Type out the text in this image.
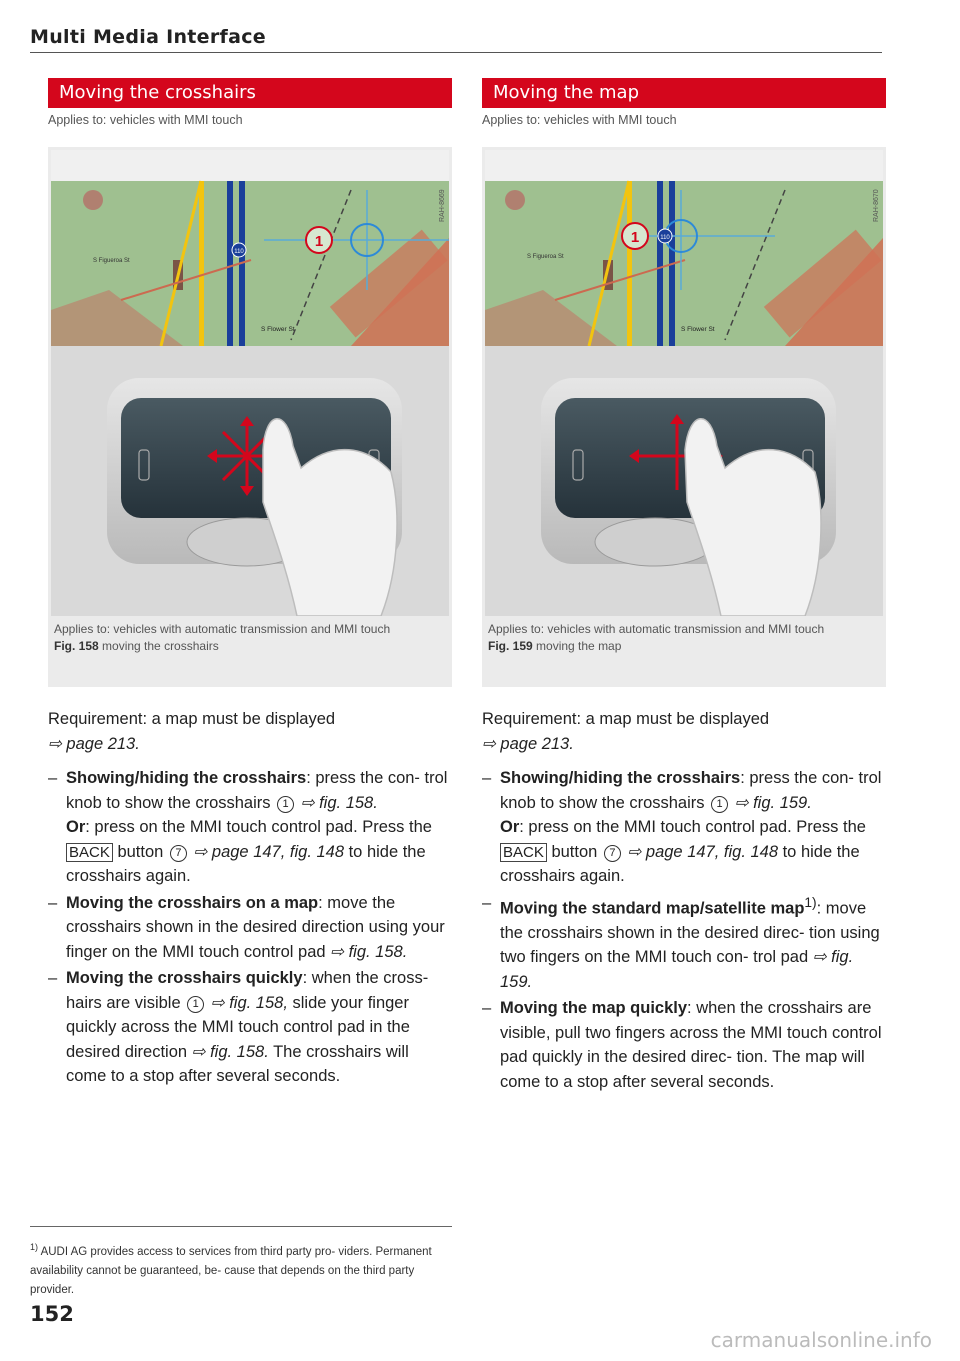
Multi Media Interface
Moving the crosshairs
Applies to: vehicles with MMI touch
110
1
S Figueroa St
S Flower St
RAH-8669
Applies to: vehicles with automatic transmission and MMI touch
Fig. 158 moving the crosshairs

Requirement: a map must be displayed
⇨ page 213.

– Showing/hiding the crosshairs: press the con- trol knob to show the crosshairs 1 ⇨ fig. 158.
Or: press on the MMI touch control pad. Press the BACK button 7 ⇨ page 147, fig. 148 to hide the crosshairs again.
– Moving the crosshairs on a map: move the crosshairs shown in the desired direction using your finger on the MMI touch control pad ⇨ fig. 158.
– Moving the crosshairs quickly: when the cross- hairs are visible 1 ⇨ fig. 158, slide your finger quickly across the MMI touch control pad in the desired direction ⇨ fig. 158. The crosshairs will come to a stop after several seconds.
Moving the map
Applies to: vehicles with MMI touch
110
1
S Figueroa St
S Flower St
RAH-8670
Applies to: vehicles with automatic transmission and MMI touch
Fig. 159 moving the map

Requirement: a map must be displayed
⇨ page 213.

– Showing/hiding the crosshairs: press the con- trol knob to show the crosshairs 1 ⇨ fig. 159.
Or: press on the MMI touch control pad. Press the BACK button 7 ⇨ page 147, fig. 148 to hide the crosshairs again.
– Moving the standard map/satellite map$^{1)}$: move the crosshairs shown in the desired direc- tion using two fingers on the MMI touch con- trol pad ⇨ fig. 159.
– Moving the map quickly: when the crosshairs are visible, pull two fingers across the MMI touch control pad quickly in the desired direc- tion. The map will come to a stop after several seconds.
$^{1)}$ AUDI AG provides access to services from third party pro- viders. Permanent availability cannot be guaranteed, be- cause that depends on the third party provider.
152
carmanualsonline.info
